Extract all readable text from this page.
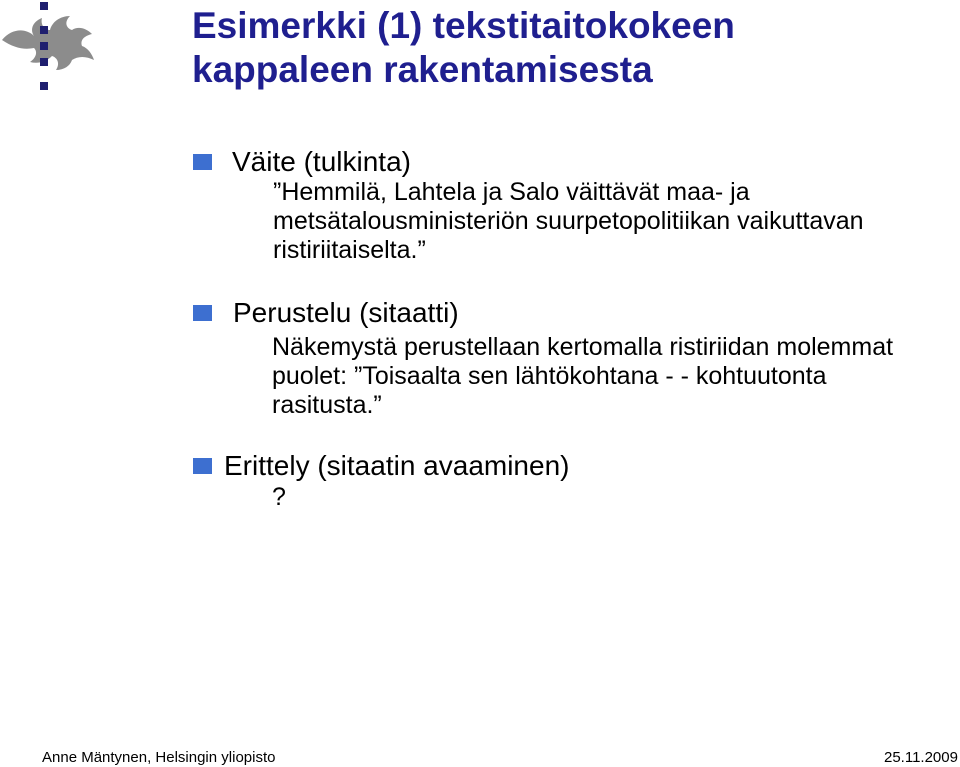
Esimerkki (1) tekstitaitokokeen
kappaleen rakentamisesta
Väite (tulkinta)
”Hemmilä, Lahtela ja Salo väittävät maa- ja
metsätalousministeriön suurpetopolitiikan vaikuttavan
ristiriitaiselta.”
Perustelu (sitaatti)
Näkemystä perustellaan kertomalla ristiriidan molemmat
puolet: ”Toisaalta sen lähtökohtana - - kohtuutonta
rasitusta.”
Erittely (sitaatin avaaminen)
?
Anne Mäntynen, Helsingin yliopisto	25.11.2009
